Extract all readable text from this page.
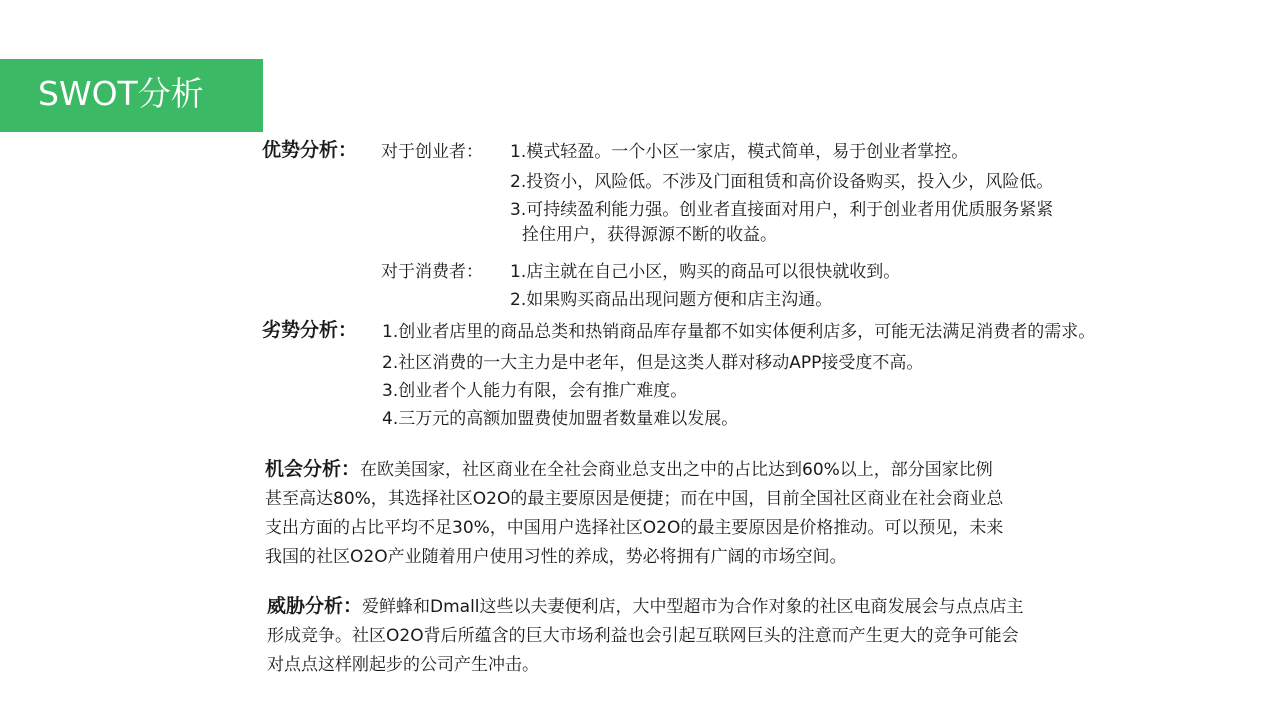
SWOT分析
优势分析： 对于创业者： 1.模式轻盈。一个小区一家店，模式简单，易于创业者掌控。
2.投资小，风险低。不涉及门面租赁和高价设备购买，投入少，风险低。
3.可持续盈利能力强。创业者直接面对用户，利于创业者用优质服务紧紧
拴住用户，获得源源不断的收益。
对于消费者： 1.店主就在自己小区，购买的商品可以很快就收到。
2.如果购买商品出现问题方便和店主沟通。
劣势分析： 1.创业者店里的商品总类和热销商品库存量都不如实体便利店多，可能无法满足消费者的需求。
2.社区消费的一大主力是中老年，但是这类人群对移动APP接受度不高。
3.创业者个人能力有限，会有推广难度。
4.三万元的高额加盟费使加盟者数量难以发展。
机会分析：在欧美国家，社区商业在全社会商业总支出之中的占比达到60%以上，部分国家比例
甚至高达80%，其选择社区O2O的最主要原因是便捷；而在中国，目前全国社区商业在社会商业总
支出方面的占比平均不足30%，中国用户选择社区O2O的最主要原因是价格推动。可以预见，未来
我国的社区O2O产业随着用户使用习性的养成，势必将拥有广阔的市场空间。
威胁分析：爱鲜蜂和Dmall这些以夫妻便利店，大中型超市为合作对象的社区电商发展会与点点店主
形成竞争。社区O2O背后所蕴含的巨大市场利益也会引起互联网巨头的注意而产生更大的竞争可能会
对点点这样刚起步的公司产生冲击。
